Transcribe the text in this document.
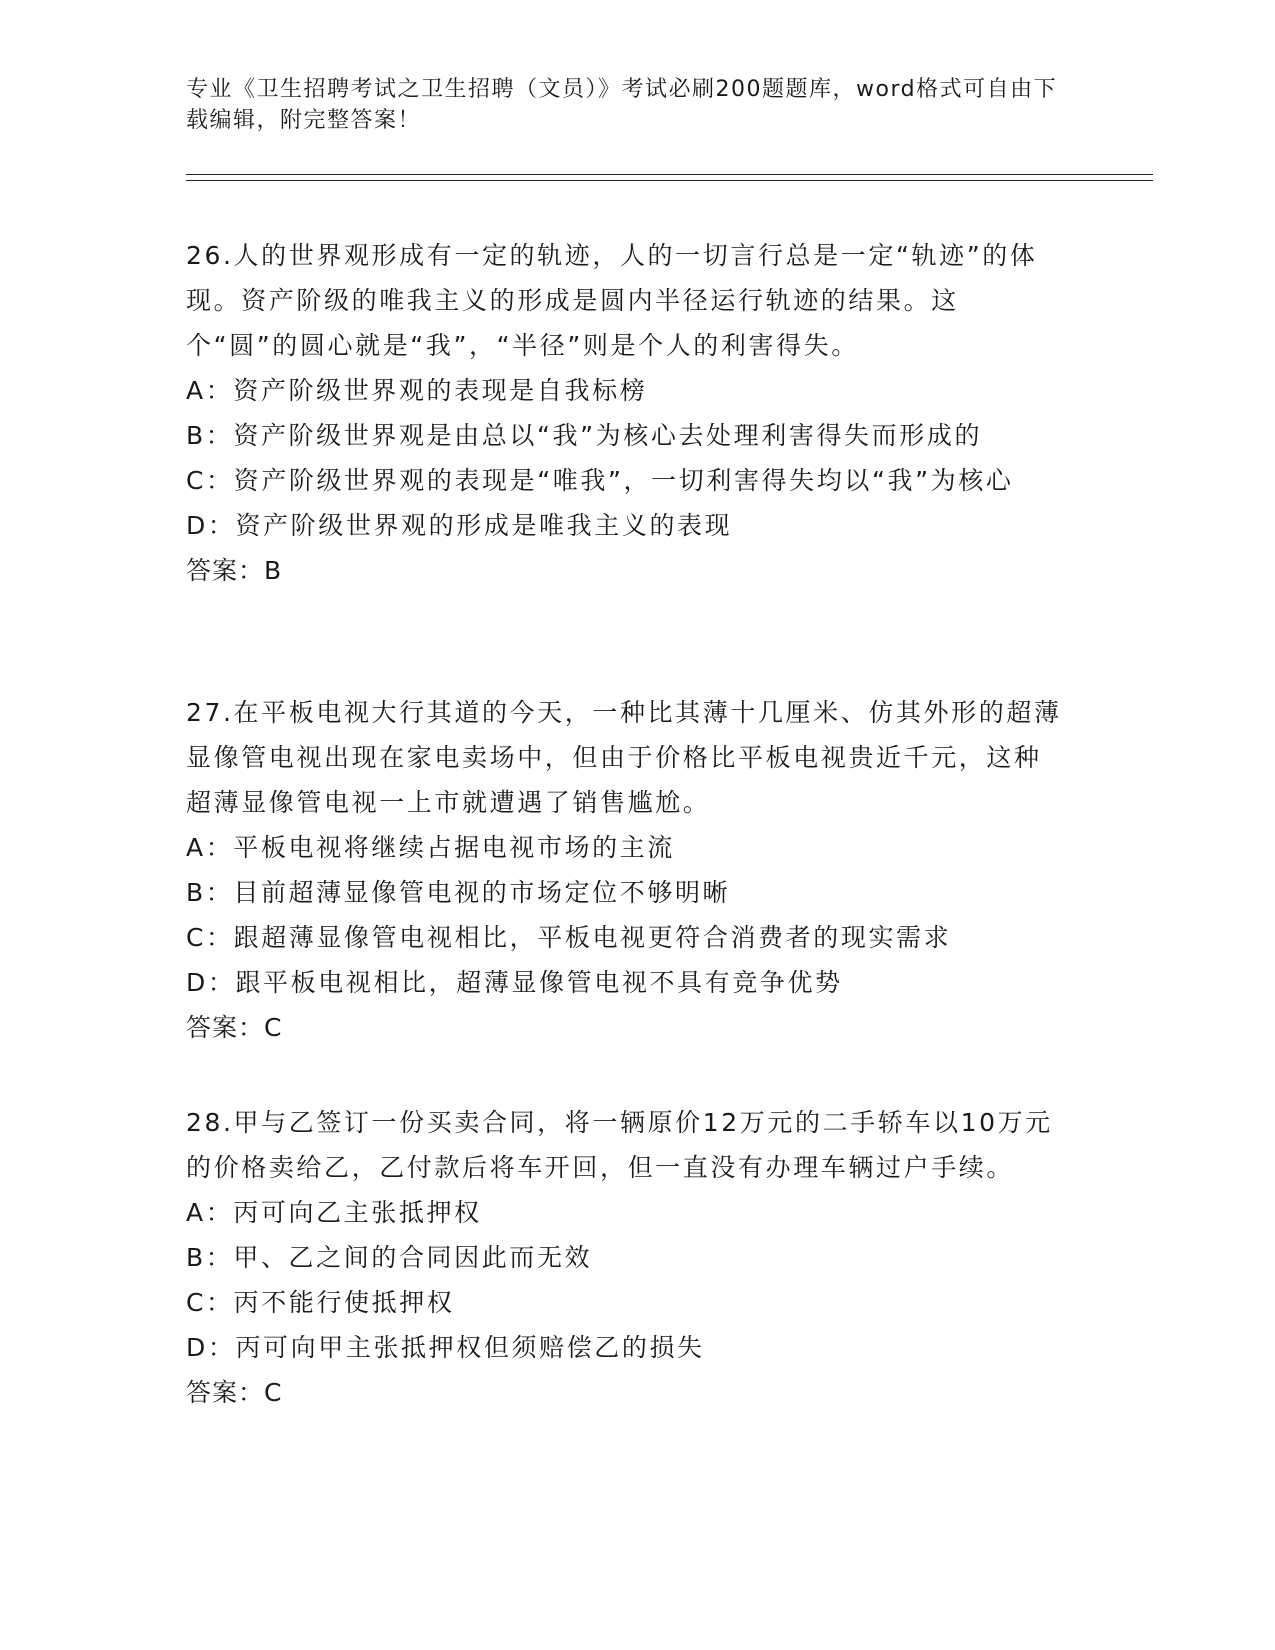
专业《卫生招聘考试之卫生招聘（文员）》考试必刷200题题库，word格式可自由下载编辑，附完整答案！

26.人的世界观形成有一定的轨迹，人的一切言行总是一定“轨迹”的体现。资产阶级的唯我主义的形成是圆内半径运行轨迹的结果。这个“圆”的圆心就是“我”，“半径”则是个人的利害得失。

A：资产阶级世界观的表现是自我标榜

B：资产阶级世界观是由总以“我”为核心去处理利害得失而形成的

C：资产阶级世界观的表现是“唯我”，一切利害得失均以“我”为核心

D：资产阶级世界观的形成是唯我主义的表现

答案：B

27.在平板电视大行其道的今天，一种比其薄十几厘米、仿其外形的超薄显像管电视出现在家电卖场中，但由于价格比平板电视贵近千元，这种超薄显像管电视一上市就遭遇了销售尴尬。

A：平板电视将继续占据电视市场的主流

B：目前超薄显像管电视的市场定位不够明晰

C：跟超薄显像管电视相比，平板电视更符合消费者的现实需求

D：跟平板电视相比，超薄显像管电视不具有竞争优势

答案：C

28.甲与乙签订一份买卖合同，将一辆原价12万元的二手轿车以10万元的价格卖给乙，乙付款后将车开回，但一直没有办理车辆过户手续。

A：丙可向乙主张抵押权

B：甲、乙之间的合同因此而无效

C：丙不能行使抵押权

D：丙可向甲主张抵押权但须赔偿乙的损失

答案：C
